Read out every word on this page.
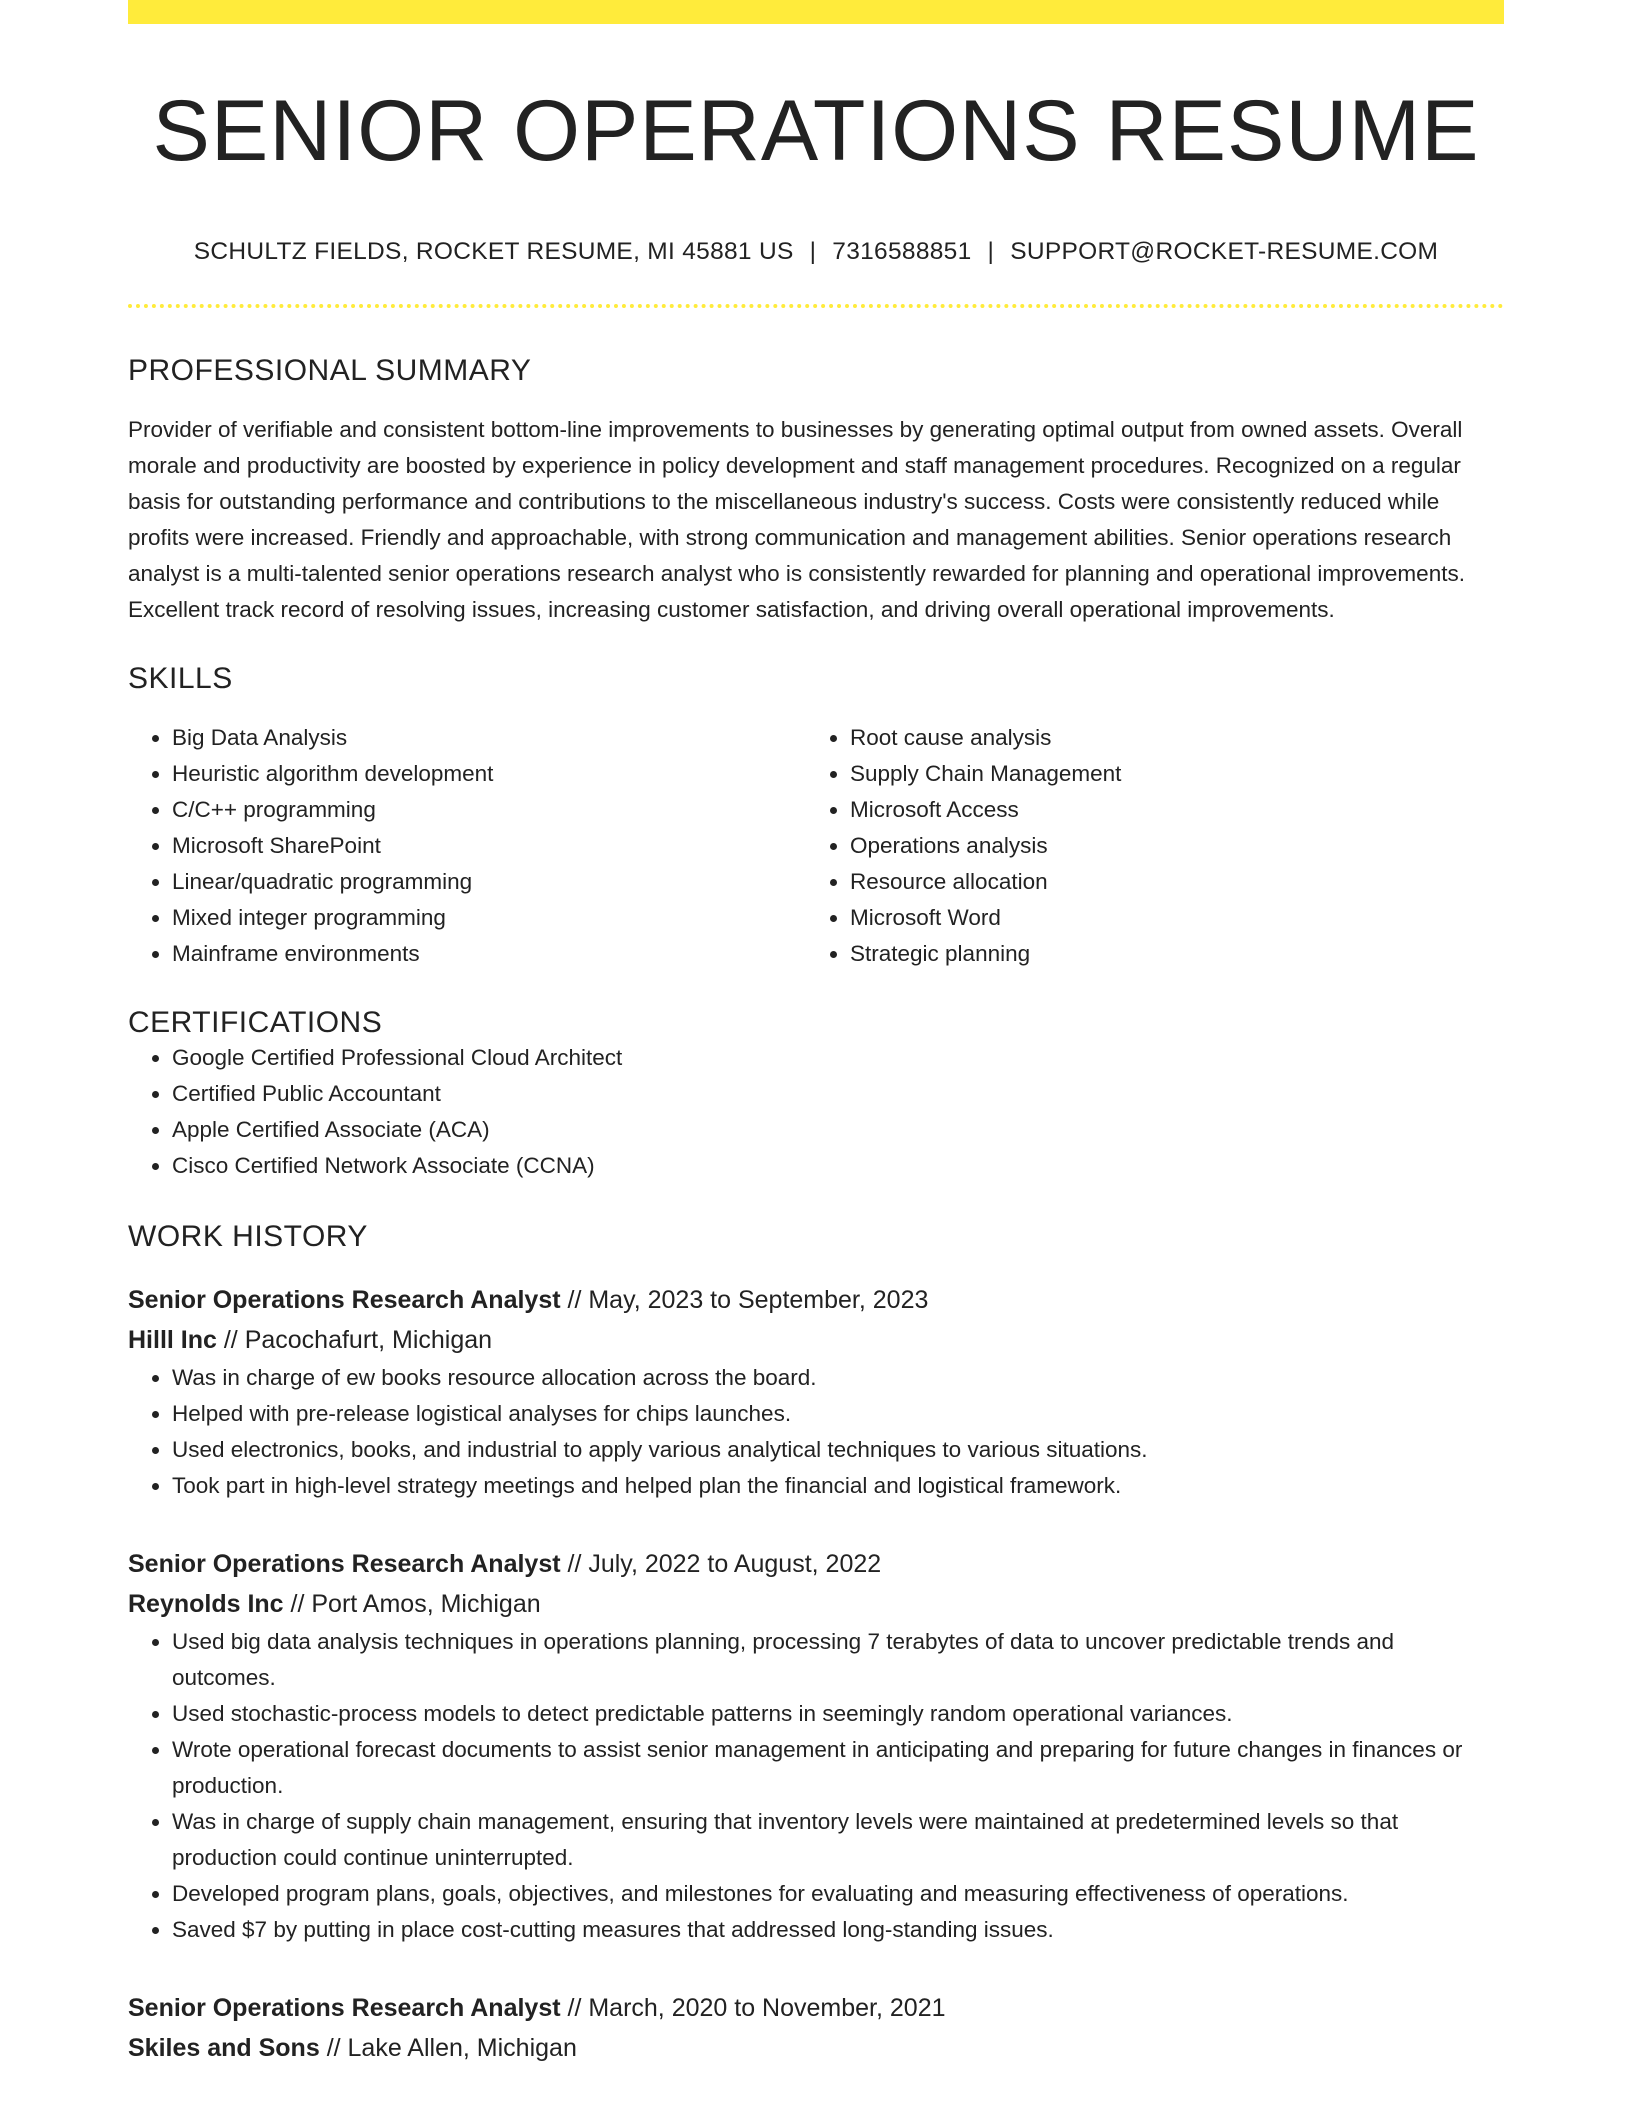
SENIOR OPERATIONS RESUME
SCHULTZ FIELDS, ROCKET RESUME, MI 45881 US | 7316588851 | SUPPORT@ROCKET-RESUME.COM
PROFESSIONAL SUMMARY

Provider of verifiable and consistent bottom-line improvements to businesses by generating optimal output from owned assets. Overall morale and productivity are boosted by experience in policy development and staff management procedures. Recognized on a regular basis for outstanding performance and contributions to the miscellaneous industry's success. Costs were consistently reduced while profits were increased. Friendly and approachable, with strong communication and management abilities. Senior operations research analyst is a multi-talented senior operations research analyst who is consistently rewarded for planning and operational improvements. Excellent track record of resolving issues, increasing customer satisfaction, and driving overall operational improvements.

SKILLS
• Big Data Analysis
• Heuristic algorithm development
• C/C++ programming
• Microsoft SharePoint
• Linear/quadratic programming
• Mixed integer programming
• Mainframe environments
• Root cause analysis
• Supply Chain Management
• Microsoft Access
• Operations analysis
• Resource allocation
• Microsoft Word
• Strategic planning
CERTIFICATIONS
• Google Certified Professional Cloud Architect
• Certified Public Accountant
• Apple Certified Associate (ACA)
• Cisco Certified Network Associate (CCNA)
WORK HISTORY
Senior Operations Research Analyst // May, 2023 to September, 2023
Hilll Inc // Pacochafurt, Michigan
• Was in charge of ew books resource allocation across the board.
• Helped with pre-release logistical analyses for chips launches.
• Used electronics, books, and industrial to apply various analytical techniques to various situations.
• Took part in high-level strategy meetings and helped plan the financial and logistical framework.
Senior Operations Research Analyst // July, 2022 to August, 2022
Reynolds Inc // Port Amos, Michigan
• Used big data analysis techniques in operations planning, processing 7 terabytes of data to uncover predictable trends and outcomes.
• Used stochastic-process models to detect predictable patterns in seemingly random operational variances.
• Wrote operational forecast documents to assist senior management in anticipating and preparing for future changes in finances or production.
• Was in charge of supply chain management, ensuring that inventory levels were maintained at predetermined levels so that production could continue uninterrupted.
• Developed program plans, goals, objectives, and milestones for evaluating and measuring effectiveness of operations.
• Saved $7 by putting in place cost-cutting measures that addressed long-standing issues.
Senior Operations Research Analyst // March, 2020 to November, 2021
Skiles and Sons // Lake Allen, Michigan
